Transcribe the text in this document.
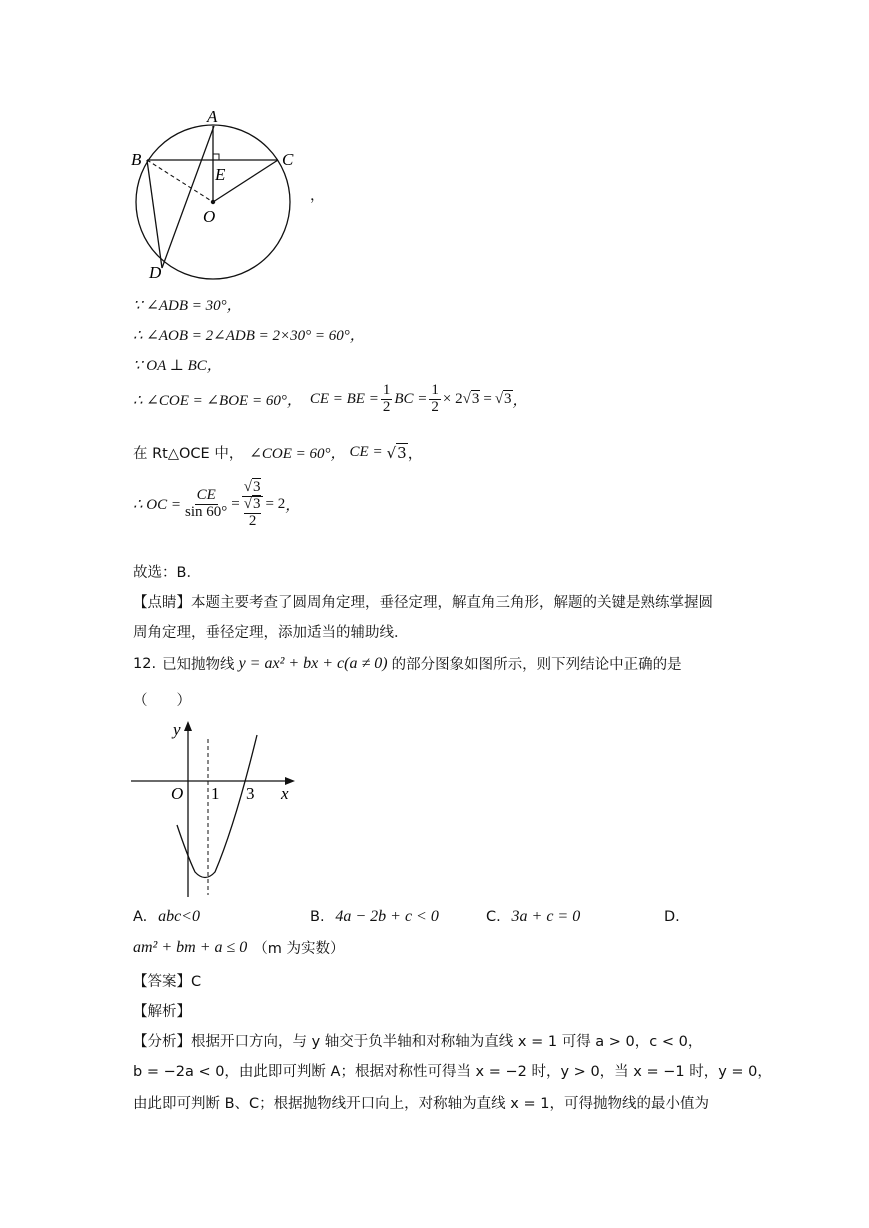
A
B	C
E
O
D
，
∵ ∠ADB = 30°，
∴ ∠AOB = 2∠ADB = 2×30° = 60°，
∵ OA ⊥ BC，
∴ ∠COE = ∠BOE = 60°， CE = BE = $\frac{1}{2}$ BC = $\frac{1}{2} \times 2$ √3 = √3 ，
在 Rt△OCE 中， ∠COE = 60°， CE = √3 ，
∴ OC = $\frac{CE}{\sin 60^\circ} = √3$
√3
2 = 2 ，
故选：B．
【点睛】本题主要考查了圆周角定理，垂径定理，解直角三角形，解题的关键是熟练掌握圆
周角定理，垂径定理，添加适当的辅助线．
12. 已知抛物线 y = ax² + bx + c(a ≠ 0) 的部分图象如图所示，则下列结论中正确的是
（　　）
y
O 1 3 x
A. abc<0	B. 4a − 2b + c < 0	C. 3a + c = 0	D.
am² + bm + a ≤ 0 （m 为实数）
【答案】C
【解析】
【分析】根据开口方向，与 y 轴交于负半轴和对称轴为直线 x = 1 可得 a > 0，c < 0，
b = −2a < 0，由此即可判断 A；根据对称性可得当 x = −2 时，y > 0，当 x = −1 时，y = 0，
由此即可判断 B、C；根据抛物线开口向上，对称轴为直线 x = 1，可得抛物线的最小值为
